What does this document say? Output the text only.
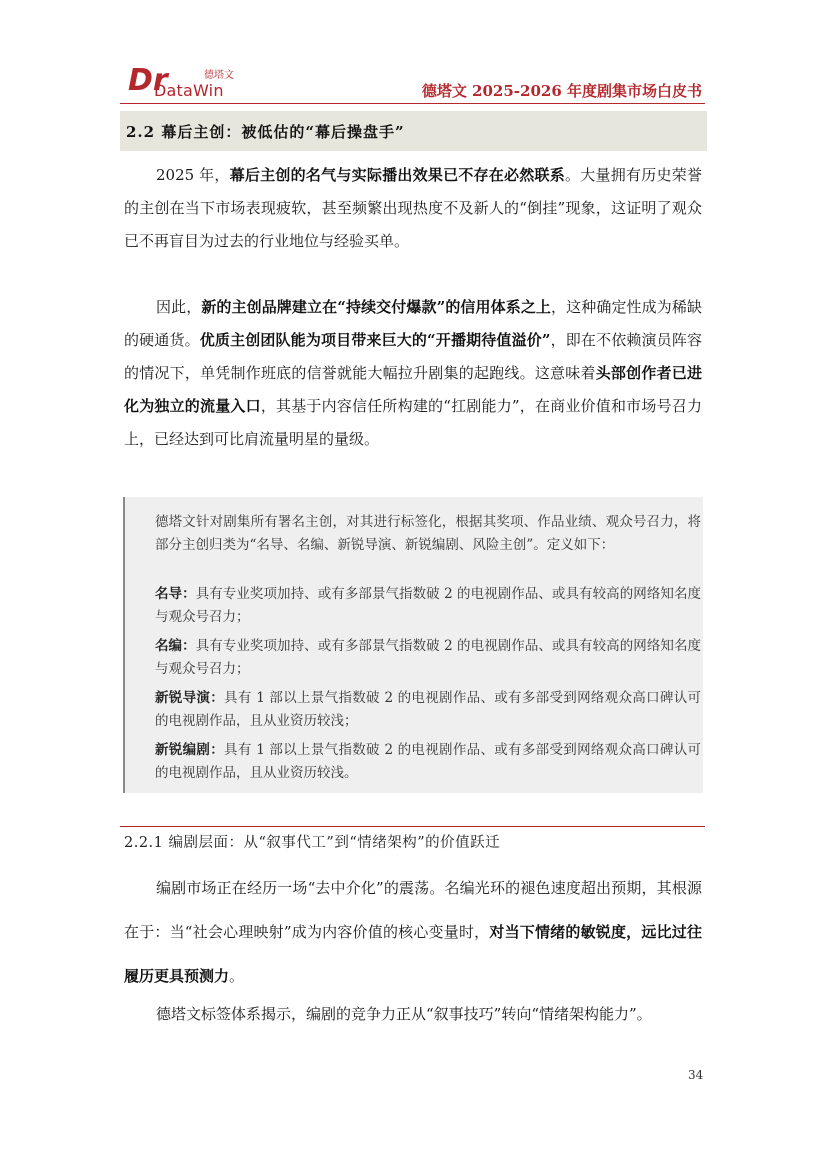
Dr
DataWin
德塔文
德塔文 2025-2026 年度剧集市场白皮书
2.2 幕后主创：被低估的“幕后操盘手”
2025 年，幕后主创的名气与实际播出效果已不存在必然联系。大量拥有历史荣誉的主创在当下市场表现疲软，甚至频繁出现热度不及新人的“倒挂”现象，这证明了观众已不再盲目为过去的行业地位与经验买单。
因此，新的主创品牌建立在“持续交付爆款”的信用体系之上，这种确定性成为稀缺的硬通货。优质主创团队能为项目带来巨大的“开播期待值溢价”，即在不依赖演员阵容的情况下，单凭制作班底的信誉就能大幅拉升剧集的起跑线。这意味着头部创作者已进化为独立的流量入口，其基于内容信任所构建的“扛剧能力”，在商业价值和市场号召力上，已经达到可比肩流量明星的量级。
德塔文针对剧集所有署名主创，对其进行标签化，根据其奖项、作品业绩、观众号召力，将部分主创归类为“名导、名编、新锐导演、新锐编剧、风险主创”。定义如下：
名导：具有专业奖项加持、或有多部景气指数破 2 的电视剧作品、或具有较高的网络知名度与观众号召力；
名编：具有专业奖项加持、或有多部景气指数破 2 的电视剧作品、或具有较高的网络知名度与观众号召力；
新锐导演：具有 1 部以上景气指数破 2 的电视剧作品、或有多部受到网络观众高口碑认可的电视剧作品，且从业资历较浅；
新锐编剧：具有 1 部以上景气指数破 2 的电视剧作品、或有多部受到网络观众高口碑认可的电视剧作品，且从业资历较浅。
2.2.1 编剧层面：从“叙事代工”到“情绪架构”的价值跃迁
编剧市场正在经历一场“去中介化”的震荡。名编光环的褪色速度超出预期，其根源在于：当“社会心理映射”成为内容价值的核心变量时，对当下情绪的敏锐度，远比过往履历更具预测力。
德塔文标签体系揭示，编剧的竞争力正从“叙事技巧”转向“情绪架构能力”。
34
